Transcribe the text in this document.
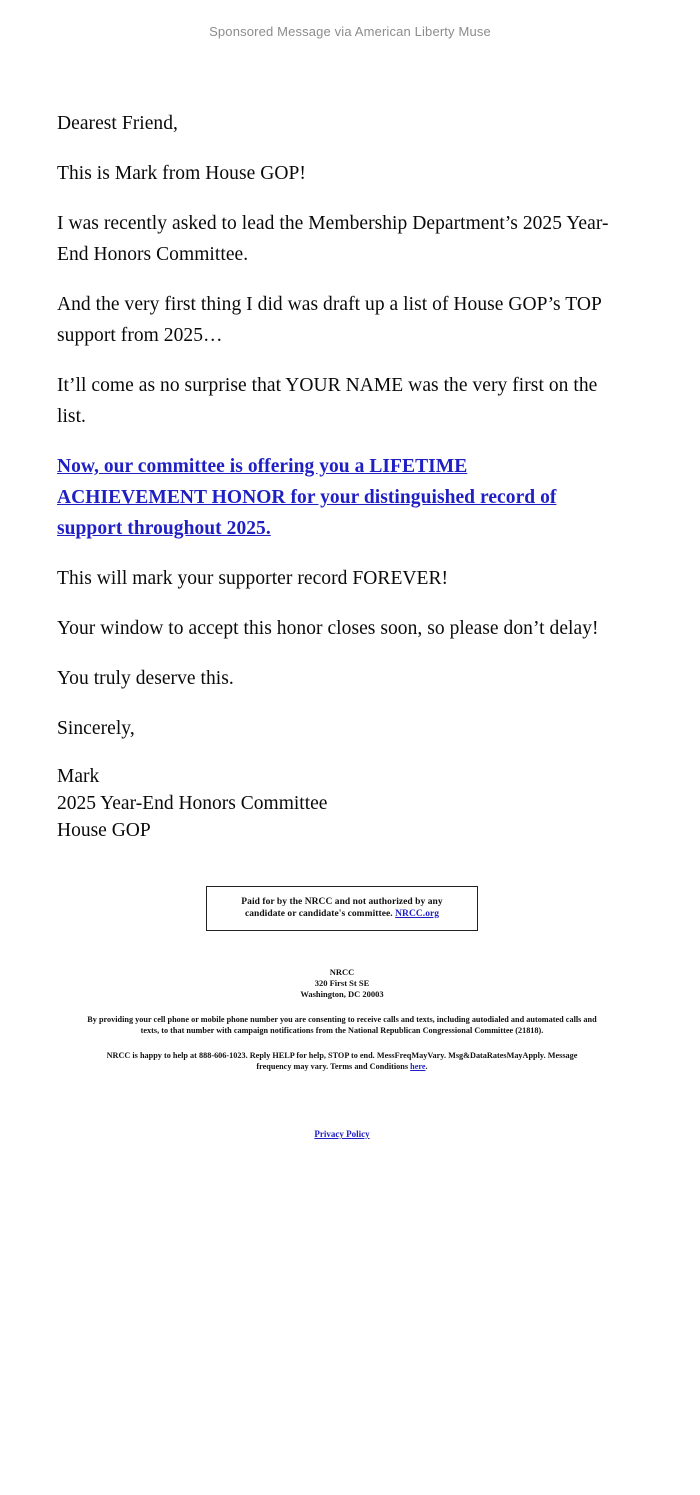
Sponsored Message via American Liberty Muse

Dearest Friend,

This is Mark from House GOP!

I was recently asked to lead the Membership Department’s 2025 Year-End Honors Committee.

And the very first thing I did was draft up a list of House GOP’s TOP support from 2025…

It’ll come as no surprise that YOUR NAME was the very first on the list.

Now, our committee is offering you a LIFETIME ACHIEVEMENT HONOR for your distinguished record of support throughout 2025.

This will mark your supporter record FOREVER!

Your window to accept this honor closes soon, so please don’t delay!

You truly deserve this.

Sincerely,

Mark
2025 Year-End Honors Committee
House GOP
Paid for by the NRCC and not authorized by any
candidate or candidate's committee. NRCC.org
NRCC
320 First St SE
Washington, DC 20003
By providing your cell phone or mobile phone number you are consenting to receive calls and texts, including autodialed and automated calls and texts, to that number with campaign notifications from the National Republican Congressional Committee (21818).
NRCC is happy to help at 888-606-1023. Reply HELP for help, STOP to end. MessFreqMayVary. Msg&DataRatesMayApply. Message frequency may vary. Terms and Conditions here.
Privacy Policy
